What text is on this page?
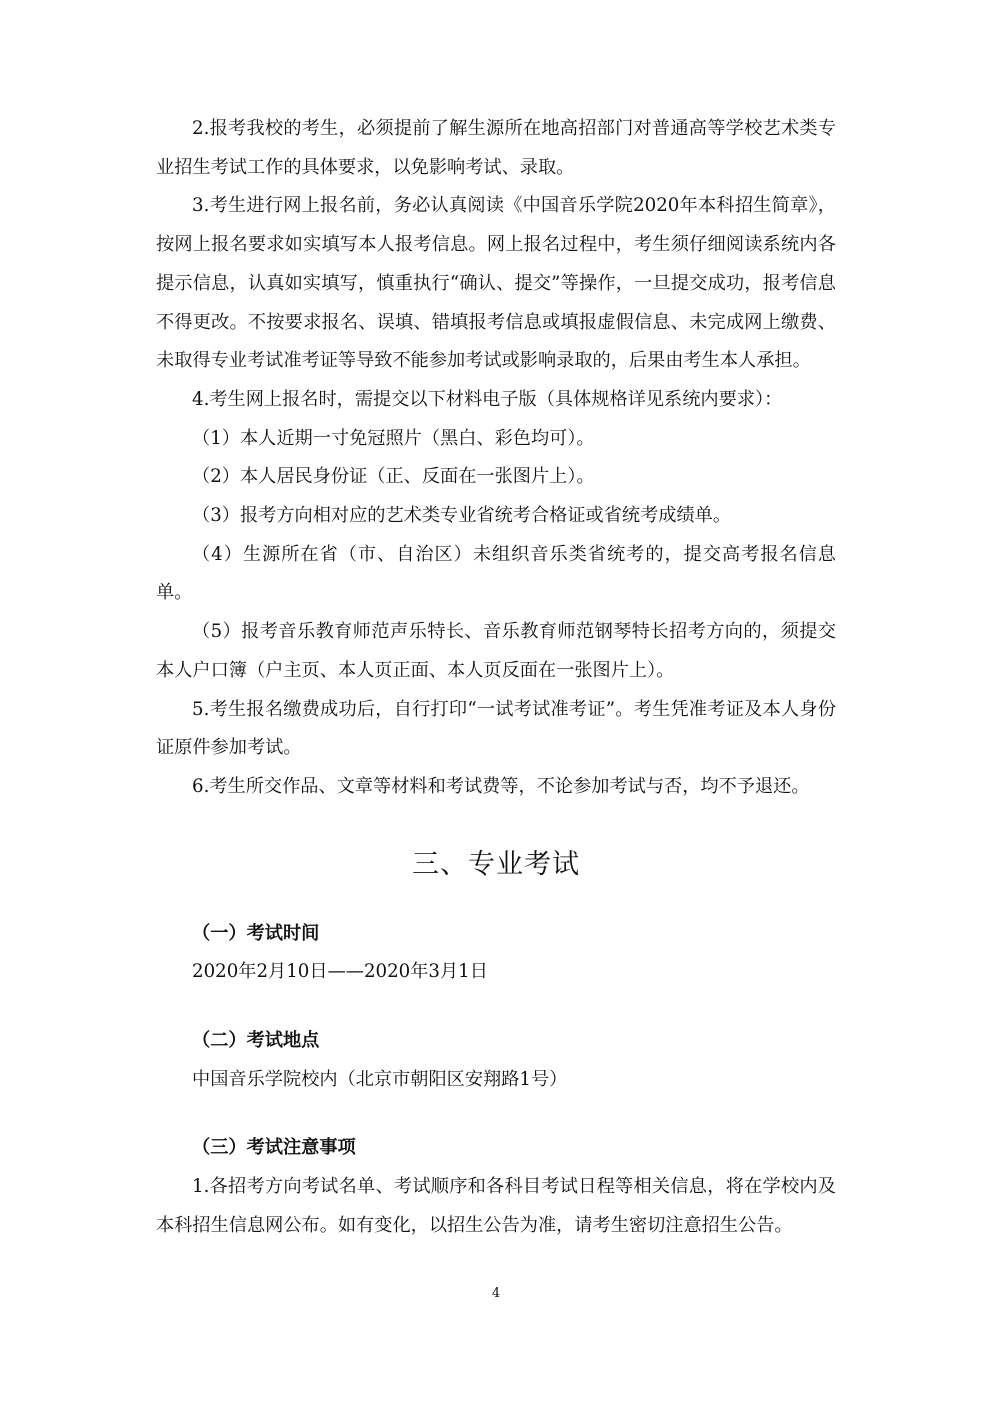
2.报考我校的考生，必须提前了解生源所在地高招部门对普通高等学校艺术类专业招生考试工作的具体要求，以免影响考试、录取。

3.考生进行网上报名前，务必认真阅读《中国音乐学院2020年本科招生简章》，按网上报名要求如实填写本人报考信息。网上报名过程中，考生须仔细阅读系统内各提示信息，认真如实填写，慎重执行“确认、提交”等操作，一旦提交成功，报考信息不得更改。不按要求报名、误填、错填报考信息或填报虚假信息、未完成网上缴费、未取得专业考试准考证等导致不能参加考试或影响录取的，后果由考生本人承担。

4.考生网上报名时，需提交以下材料电子版（具体规格详见系统内要求）：

（1）本人近期一寸免冠照片（黑白、彩色均可）。

（2）本人居民身份证（正、反面在一张图片上）。

（3）报考方向相对应的艺术类专业省统考合格证或省统考成绩单。

（4）生源所在省（市、自治区）未组织音乐类省统考的，提交高考报名信息单。

（5）报考音乐教育师范声乐特长、音乐教育师范钢琴特长招考方向的，须提交本人户口簿（户主页、本人页正面、本人页反面在一张图片上）。

5.考生报名缴费成功后，自行打印“一试考试准考证”。考生凭准考证及本人身份证原件参加考试。

6.考生所交作品、文章等材料和考试费等，不论参加考试与否，均不予退还。

三、专业考试

（一）考试时间

2020年2月10日——2020年3月1日

（二）考试地点

中国音乐学院校内（北京市朝阳区安翔路1号）

（三）考试注意事项

1.各招考方向考试名单、考试顺序和各科目考试日程等相关信息，将在学校内及本科招生信息网公布。如有变化，以招生公告为准，请考生密切注意招生公告。

4
